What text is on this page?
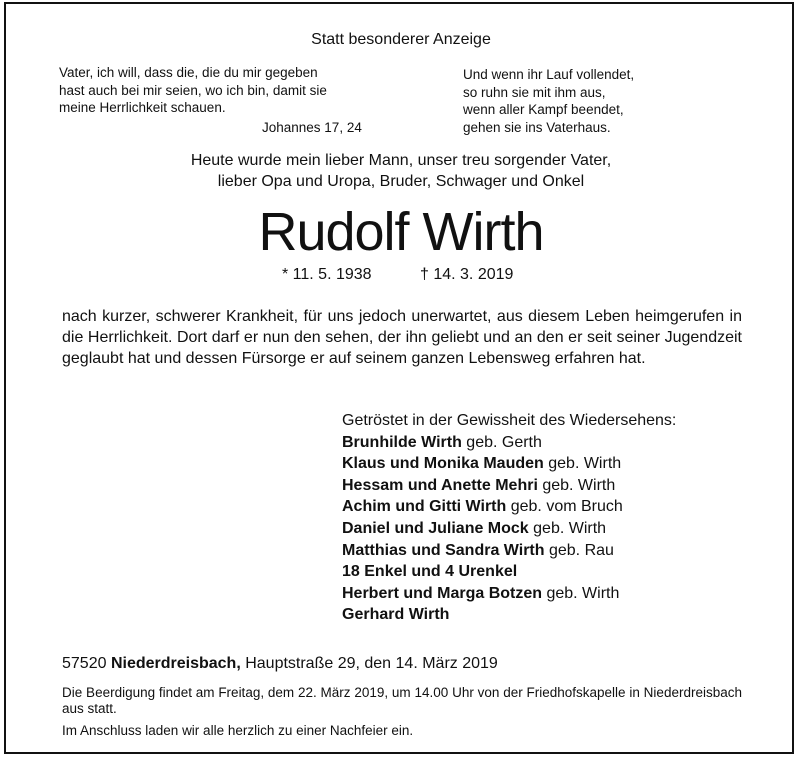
Statt besonderer Anzeige
Vater, ich will, dass die, die du mir gegeben
hast auch bei mir seien, wo ich bin, damit sie
meine Herrlichkeit schauen.
Johannes 17, 24
Und wenn ihr Lauf vollendet,
so ruhn sie mit ihm aus,
wenn aller Kampf beendet,
gehen sie ins Vaterhaus.
Heute wurde mein lieber Mann, unser treu sorgender Vater,
lieber Opa und Uropa, Bruder, Schwager und Onkel
Rudolf Wirth
* 11. 5. 1938	† 14. 3. 2019

nach kurzer, schwerer Krankheit, für uns jedoch unerwartet, aus diesem Leben heimgerufen in die Herrlichkeit. Dort darf er nun den sehen, der ihn geliebt und an den er seit seiner Jugendzeit geglaubt hat und dessen Fürsorge er auf seinem ganzen Lebensweg erfahren hat.

Getröstet in der Gewissheit des Wiedersehens:
Brunhilde Wirth geb. Gerth
Klaus und Monika Mauden geb. Wirth
Hessam und Anette Mehri geb. Wirth
Achim und Gitti Wirth geb. vom Bruch
Daniel und Juliane Mock geb. Wirth
Matthias und Sandra Wirth geb. Rau
18 Enkel und 4 Urenkel
Herbert und Marga Botzen geb. Wirth
Gerhard Wirth
57520 Niederdreisbach, Hauptstraße 29, den 14. März 2019
Die Beerdigung findet am Freitag, dem 22. März 2019, um 14.00 Uhr von der Friedhofskapelle in Niederdreisbach aus statt.
Im Anschluss laden wir alle herzlich zu einer Nachfeier ein.
